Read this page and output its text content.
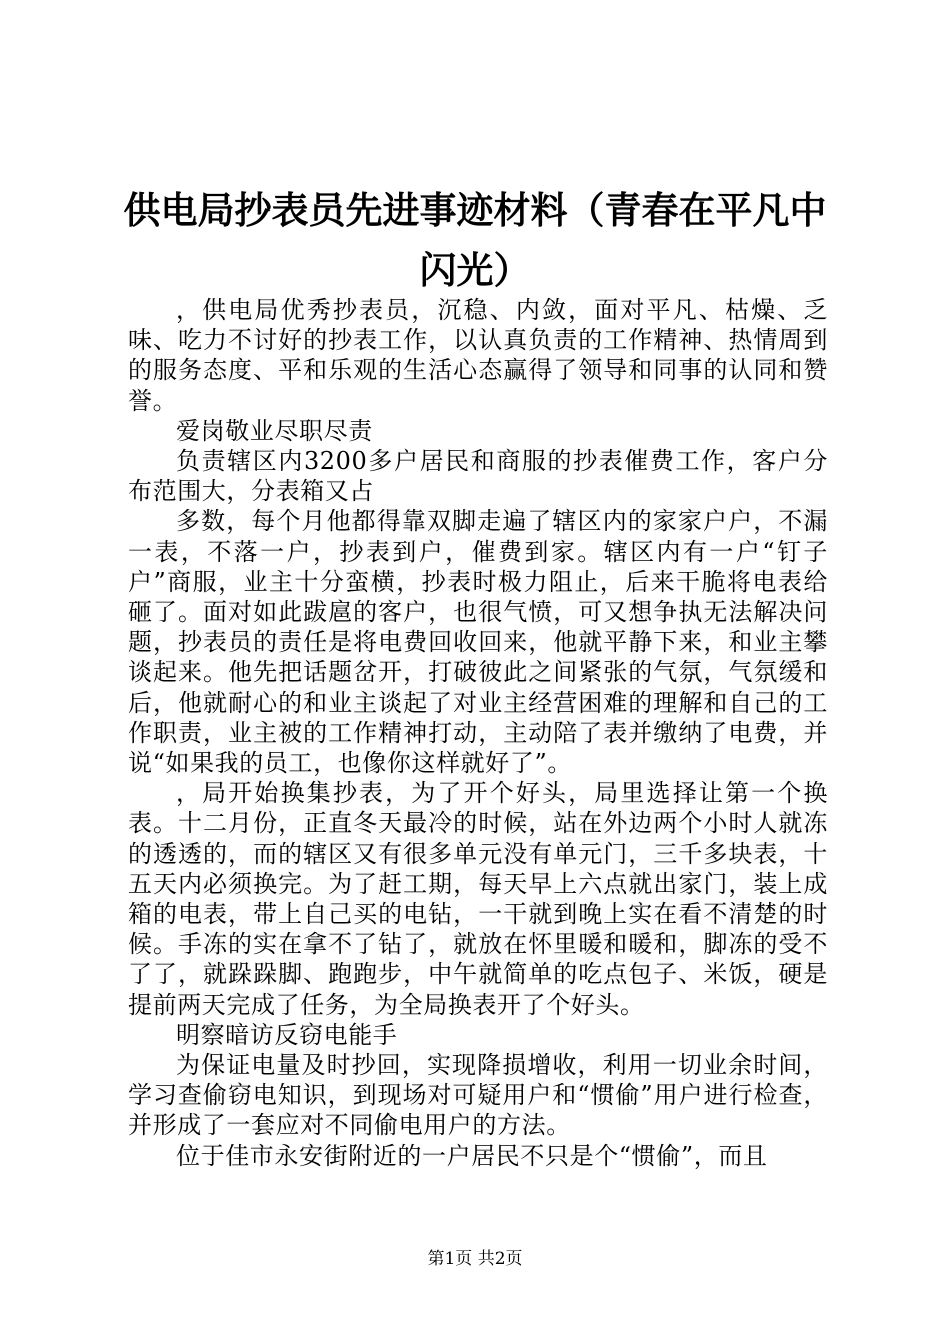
供电局抄表员先进事迹材料（青春在平凡中闪光）

，供电局优秀抄表员，沉稳、内敛，面对平凡、枯燥、乏味、吃力不讨好的抄表工作，以认真负责的工作精神、热情周到的服务态度、平和乐观的生活心态赢得了领导和同事的认同和赞誉。

爱岗敬业尽职尽责

负责辖区内3200多户居民和商服的抄表催费工作，客户分布范围大，分表箱又占

多数，每个月他都得靠双脚走遍了辖区内的家家户户，不漏一表，不落一户，抄表到户，催费到家。辖区内有一户“钉子户”商服，业主十分蛮横，抄表时极力阻止，后来干脆将电表给砸了。面对如此跋扈的客户，也很气愤，可又想争执无法解决问题，抄表员的责任是将电费回收回来，他就平静下来，和业主攀谈起来。他先把话题岔开，打破彼此之间紧张的气氛，气氛缓和后，他就耐心的和业主谈起了对业主经营困难的理解和自己的工作职责，业主被的工作精神打动，主动陪了表并缴纳了电费，并说“如果我的员工，也像你这样就好了”。

，局开始换集抄表，为了开个好头，局里选择让第一个换表。十二月份，正直冬天最冷的时候，站在外边两个小时人就冻的透透的，而的辖区又有很多单元没有单元门，三千多块表，十五天内必须换完。为了赶工期，每天早上六点就出家门，装上成箱的电表，带上自己买的电钻，一干就到晚上实在看不清楚的时候。手冻的实在拿不了钻了，就放在怀里暖和暖和，脚冻的受不了了，就跺跺脚、跑跑步，中午就简单的吃点包子、米饭，硬是提前两天完成了任务，为全局换表开了个好头。

明察暗访反窃电能手

为保证电量及时抄回，实现降损增收，利用一切业余时间，学习查偷窃电知识，到现场对可疑用户和“惯偷”用户进行检查，并形成了一套应对不同偷电用户的方法。

位于佳市永安街附近的一户居民不只是个“惯偷”，而且

第1页 共2页
